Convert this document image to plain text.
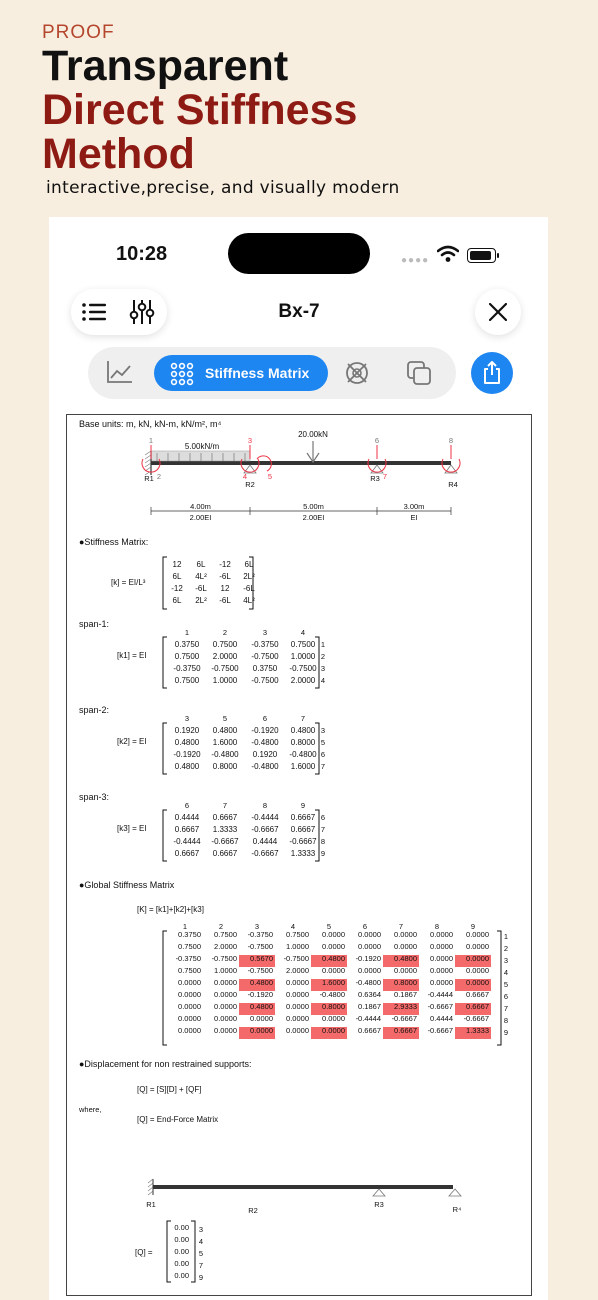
PROOF
Transparent
Direct Stiffness
Method
interactive,precise, and visually modern
10:28	●●●●
Bx-7
Stiffness Matrix
Base units: m, kN, kN-m, kN/m², m⁴
5.00kN/m
20.00kN
1
2
3
4	5
6
7
8
R1
R2
R3
R4
4.00m
2.00EI
5.00m
2.00EI
3.00m
EI
●Stiffness Matrix:
[k] = EI/L³
12 6L -12 6L
6L 4L² -6L 2L²
-12 -6L 12 -6L
6L 2L² -6L 4L²
span-1:
1	2	3	4
[k1] = EI
0.3750 0.7500 -0.3750 0.7500 1
0.7500 2.0000 -0.7500 1.0000 2
-0.3750 -0.7500 0.3750 -0.7500 3
0.7500 1.0000 -0.7500 2.0000 4
span-2:
3	5	6	7
[k2] = EI
0.1920 0.4800 -0.1920 0.4800 3
0.4800 1.6000 -0.4800 0.8000 5
-0.1920 -0.4800 0.1920 -0.4800 6
0.4800 0.8000 -0.4800 1.6000 7
span-3:
6	7	8	9
[k3] = EI
0.4444 0.6667 -0.4444 0.6667 6
0.6667 1.3333 -0.6667 0.6667 7
-0.4444 -0.6667 0.4444 -0.6667 8
0.6667 0.6667 -0.6667 1.3333 9
●Global Stiffness Matrix
[K] = [k1]+[k2]+[k3]
1	2	3	4	5	6	7	8	9
0.3750 0.7500 -0.3750 0.7500 0.0000 0.0000 0.0000 0.0000 0.0000 1
0.7500 2.0000 -0.7500 1.0000 0.0000 0.0000 0.0000 0.0000 0.0000 2
-0.3750 -0.7500 0.5670 -0.7500 0.4800 -0.1920 0.4800 0.0000 0.0000 3
0.7500 1.0000 -0.7500 2.0000 0.0000 0.0000 0.0000 0.0000 0.0000 4
0.0000 0.0000 0.4800 0.0000 1.6000 -0.4800 0.8000 0.0000 0.0000 5
0.0000 0.0000 -0.1920 0.0000 -0.4800 0.6364 0.1867 -0.4444 0.6667 6
0.0000 0.0000 0.4800 0.0000 0.8000 0.1867 2.9333 -0.6667 0.6667 7
0.0000 0.0000 0.0000 0.0000 0.0000 -0.4444 -0.6667 0.4444 -0.6667 8
0.0000 0.0000 0.0000 0.0000 0.0000 0.6667 0.6667 -0.6667 1.3333 9
●Displacement for non restrained supports:
[Q] = [S][D] + [QF]
where,
[Q] = End-Force Matrix
R1
R2
R3
R⁴
[Q] =
0.00 3
0.00 4
0.00 5
0.00 7
0.00 9
